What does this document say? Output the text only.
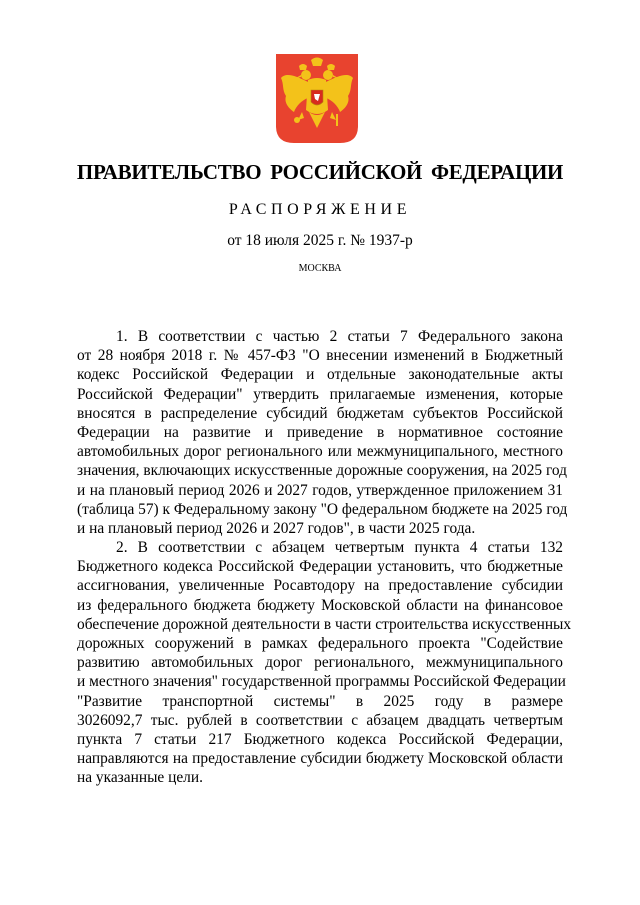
ПРАВИТЕЛЬСТВО РОССИЙСКОЙ ФЕДЕРАЦИИ
РАСПОРЯЖЕНИЕ
от 18 июля 2025 г. № 1937-р
МОСКВА
1. В соответствии с частью 2 статьи 7 Федерального закона
от 28 ноября 2018 г. № 457-ФЗ "О внесении изменений в Бюджетный
кодекс Российской Федерации и отдельные законодательные акты
Российской Федерации" утвердить прилагаемые изменения, которые
вносятся в распределение субсидий бюджетам субъектов Российской
Федерации на развитие и приведение в нормативное состояние
автомобильных дорог регионального или межмуниципального, местного
значения, включающих искусственные дорожные сооружения, на 2025 год
и на плановый период 2026 и 2027 годов, утвержденное приложением 31
(таблица 57) к Федеральному закону "О федеральном бюджете на 2025 год
и на плановый период 2026 и 2027 годов", в части 2025 года.
2. В соответствии с абзацем четвертым пункта 4 статьи 132
Бюджетного кодекса Российской Федерации установить, что бюджетные
ассигнования, увеличенные Росавтодору на предоставление субсидии
из федерального бюджета бюджету Московской области на финансовое
обеспечение дорожной деятельности в части строительства искусственных
дорожных сооружений в рамках федерального проекта "Содействие
развитию автомобильных дорог регионального, межмуниципального
и местного значения" государственной программы Российской Федерации
"Развитие транспортной системы" в 2025 году в размере
3026092,7 тыс. рублей в соответствии с абзацем двадцать четвертым
пункта 7 статьи 217 Бюджетного кодекса Российской Федерации,
направляются на предоставление субсидии бюджету Московской области
на указанные цели.
